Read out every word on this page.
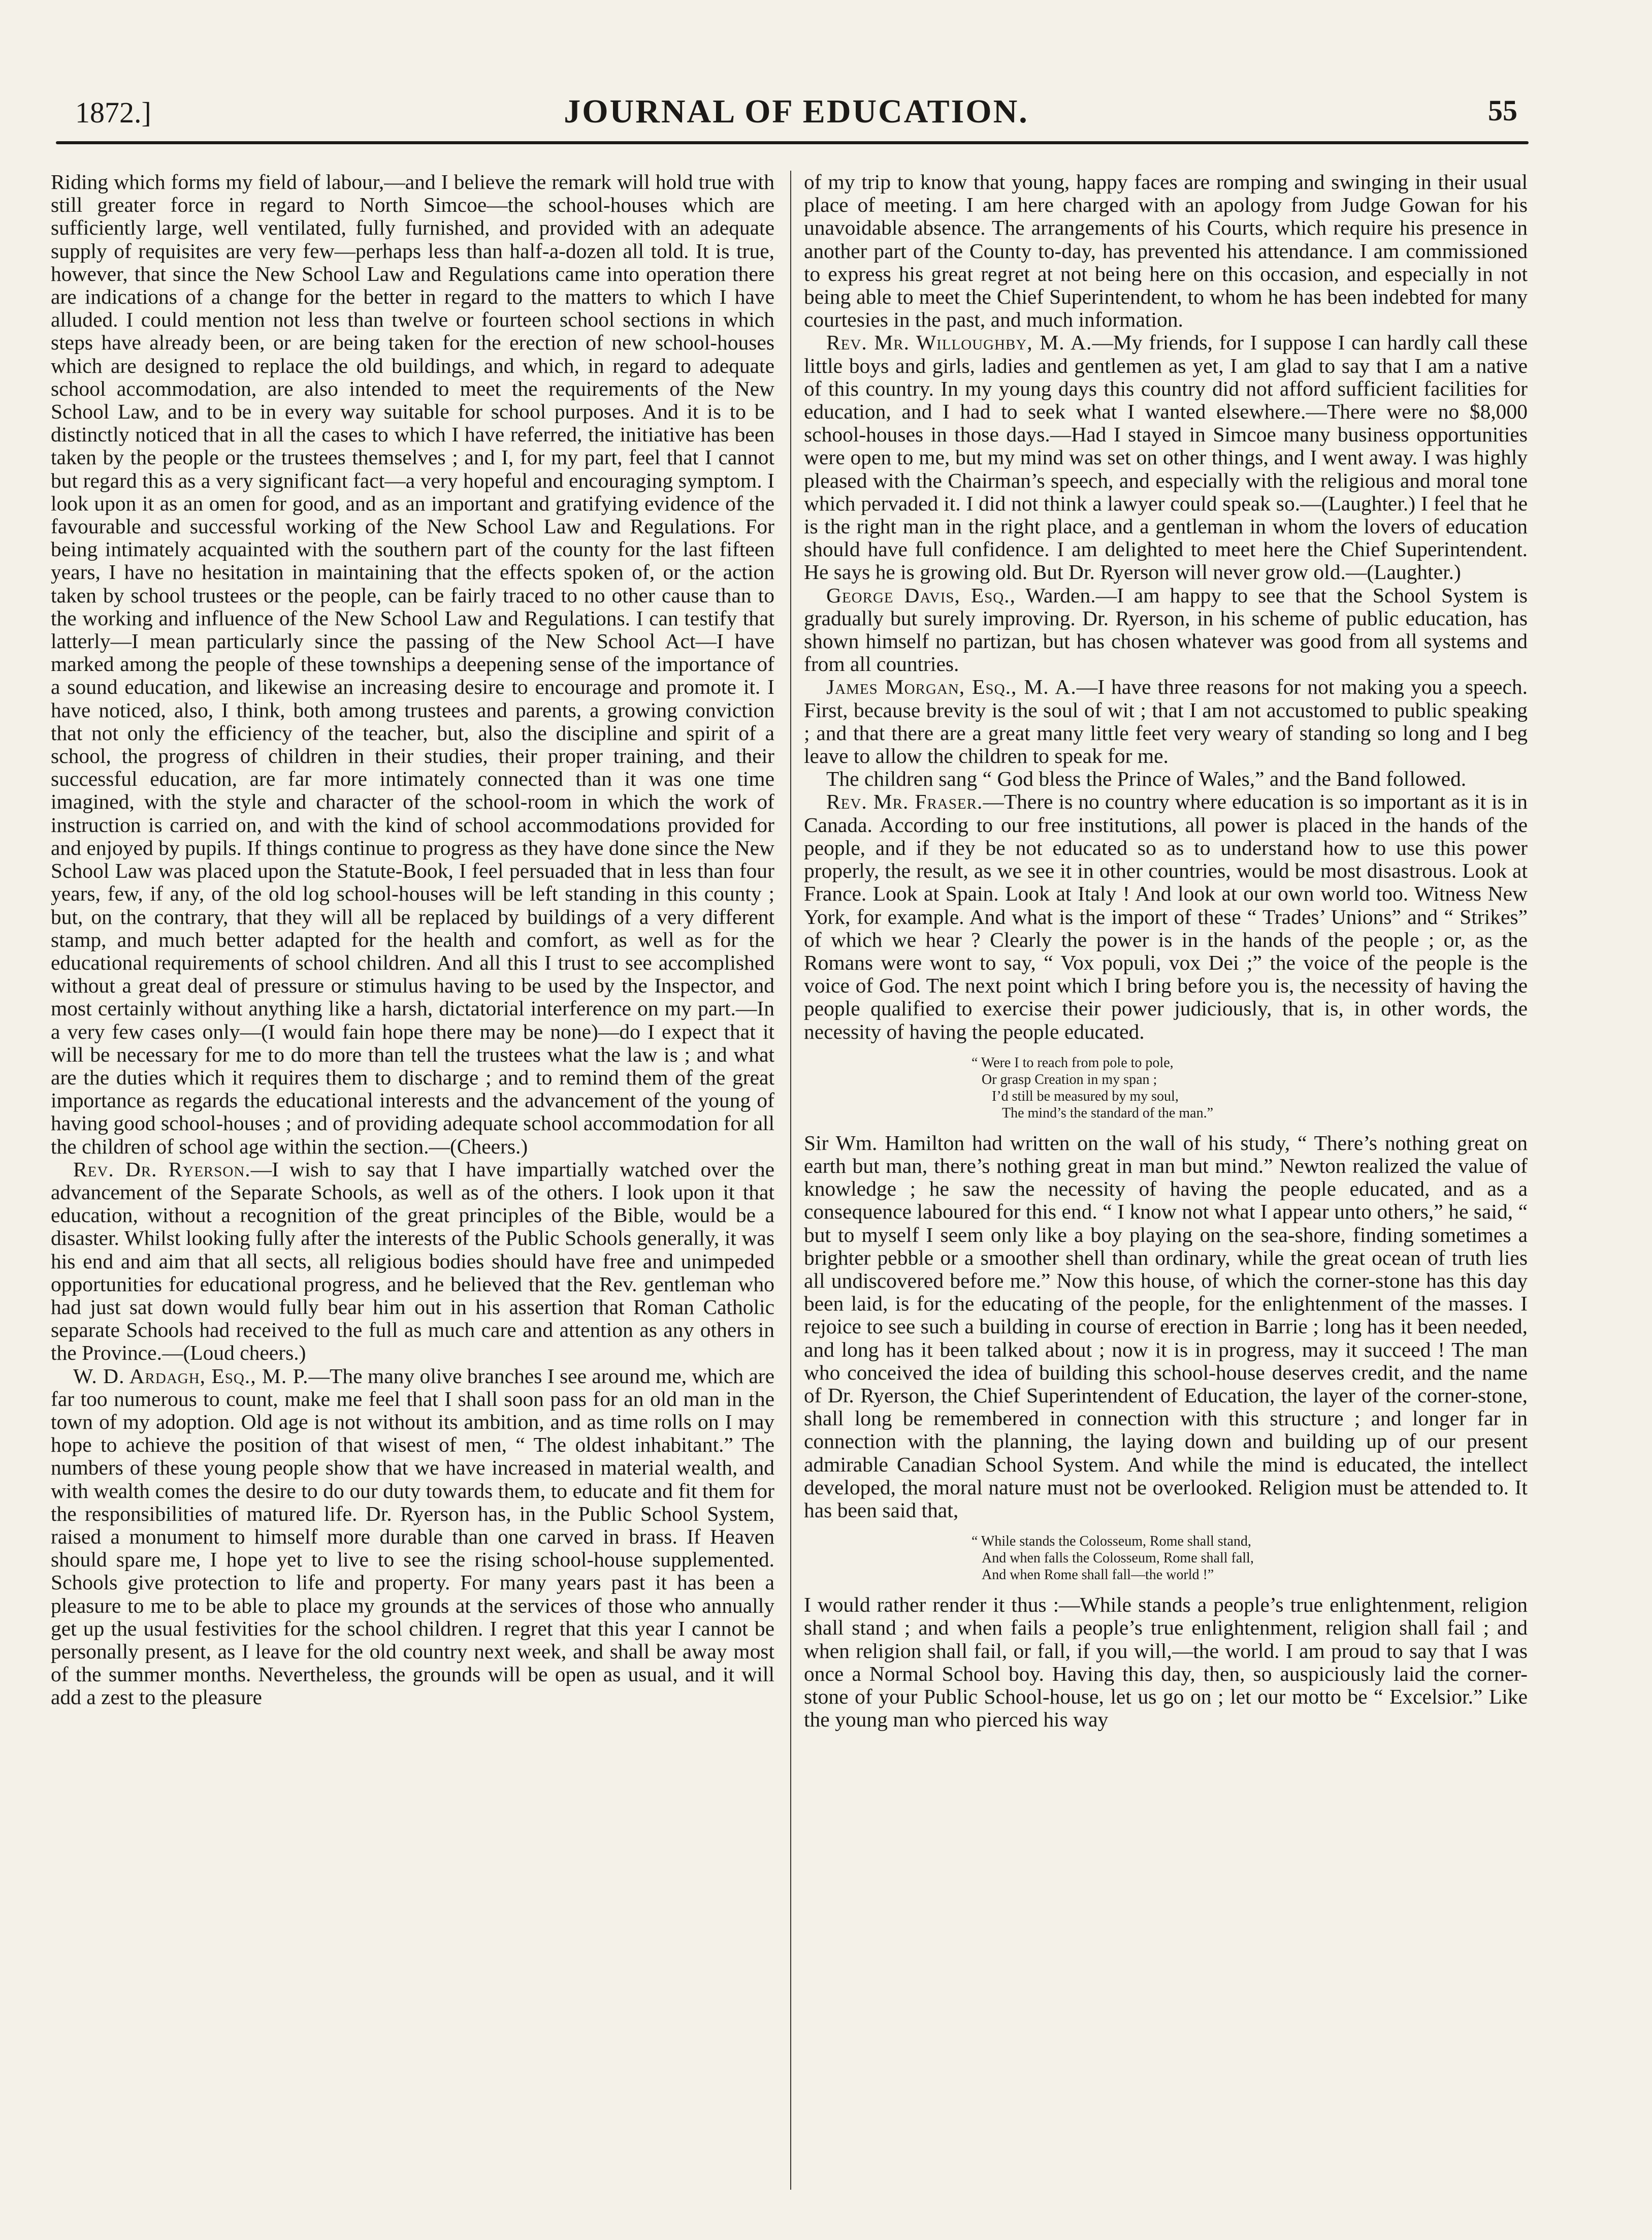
1872.]	JOURNAL OF EDUCATION.	55

Riding which forms my field of labour,—and I believe the remark will hold true with still greater force in regard to North Simcoe—the school-houses which are sufficiently large, well ventilated, fully furnished, and provided with an adequate supply of requisites are very few—perhaps less than half-a-dozen all told. It is true, however, that since the New School Law and Regulations came into operation there are indications of a change for the better in regard to the matters to which I have alluded. I could mention not less than twelve or fourteen school sections in which steps have already been, or are being taken for the erection of new school-houses which are designed to replace the old buildings, and which, in regard to adequate school accommodation, are also intended to meet the requirements of the New School Law, and to be in every way suitable for school purposes. And it is to be distinctly noticed that in all the cases to which I have referred, the initiative has been taken by the people or the trustees themselves ; and I, for my part, feel that I cannot but regard this as a very significant fact—a very hopeful and encouraging symptom. I look upon it as an omen for good, and as an important and gratifying evidence of the favourable and successful working of the New School Law and Regulations. For being intimately acquainted with the southern part of the county for the last fifteen years, I have no hesitation in maintaining that the effects spoken of, or the action taken by school trustees or the people, can be fairly traced to no other cause than to the working and influence of the New School Law and Regulations. I can testify that latterly—I mean particularly since the passing of the New School Act—I have marked among the people of these townships a deepening sense of the importance of a sound education, and likewise an increasing desire to encourage and promote it. I have noticed, also, I think, both among trustees and parents, a growing conviction that not only the efficiency of the teacher, but, also the discipline and spirit of a school, the progress of children in their studies, their proper training, and their successful education, are far more intimately connected than it was one time imagined, with the style and character of the school-room in which the work of instruction is carried on, and with the kind of school accommodations provided for and enjoyed by pupils. If things continue to progress as they have done since the New School Law was placed upon the Statute-Book, I feel persuaded that in less than four years, few, if any, of the old log school-houses will be left standing in this county ; but, on the contrary, that they will all be replaced by buildings of a very different stamp, and much better adapted for the health and comfort, as well as for the educational requirements of school children. And all this I trust to see accomplished without a great deal of pressure or stimulus having to be used by the Inspector, and most certainly without anything like a harsh, dictatorial interference on my part.—In a very few cases only—(I would fain hope there may be none)—do I expect that it will be necessary for me to do more than tell the trustees what the law is ; and what are the duties which it requires them to discharge ; and to remind them of the great importance as regards the educational interests and the advancement of the young of having good school-houses ; and of providing adequate school accommodation for all the children of school age within the section.—(Cheers.)

Rev. Dr. Ryerson.—I wish to say that I have impartially watched over the advancement of the Separate Schools, as well as of the others. I look upon it that education, without a recognition of the great principles of the Bible, would be a disaster. Whilst looking fully after the interests of the Public Schools generally, it was his end and aim that all sects, all religious bodies should have free and unimpeded opportunities for educational progress, and he believed that the Rev. gentleman who had just sat down would fully bear him out in his assertion that Roman Catholic separate Schools had received to the full as much care and attention as any others in the Province.—(Loud cheers.)

W. D. Ardagh, Esq., M. P.—The many olive branches I see around me, which are far too numerous to count, make me feel that I shall soon pass for an old man in the town of my adoption. Old age is not without its ambition, and as time rolls on I may hope to achieve the position of that wisest of men, “ The oldest inhabitant.” The numbers of these young people show that we have increased in material wealth, and with wealth comes the desire to do our duty towards them, to educate and fit them for the responsibilities of matured life. Dr. Ryerson has, in the Public School System, raised a monument to himself more durable than one carved in brass. If Heaven should spare me, I hope yet to live to see the rising school-house supplemented. Schools give protection to life and property. For many years past it has been a pleasure to me to be able to place my grounds at the services of those who annually get up the usual festivities for the school children. I regret that this year I cannot be personally present, as I leave for the old country next week, and shall be away most of the summer months. Nevertheless, the grounds will be open as usual, and it will add a zest to the pleasure

of my trip to know that young, happy faces are romping and swinging in their usual place of meeting. I am here charged with an apology from Judge Gowan for his unavoidable absence. The arrangements of his Courts, which require his presence in another part of the County to-day, has prevented his attendance. I am commissioned to express his great regret at not being here on this occasion, and especially in not being able to meet the Chief Superintendent, to whom he has been indebted for many courtesies in the past, and much information.

Rev. Mr. Willoughby, M. A.—My friends, for I suppose I can hardly call these little boys and girls, ladies and gentlemen as yet, I am glad to say that I am a native of this country. In my young days this country did not afford sufficient facilities for education, and I had to seek what I wanted elsewhere.—There were no $8,000 school-houses in those days.—Had I stayed in Simcoe many business opportunities were open to me, but my mind was set on other things, and I went away. I was highly pleased with the Chairman’s speech, and especially with the religious and moral tone which pervaded it. I did not think a lawyer could speak so.—(Laughter.) I feel that he is the right man in the right place, and a gentleman in whom the lovers of education should have full confidence. I am delighted to meet here the Chief Superintendent. He says he is growing old. But Dr. Ryerson will never grow old.—(Laughter.)

George Davis, Esq., Warden.—I am happy to see that the School System is gradually but surely improving. Dr. Ryerson, in his scheme of public education, has shown himself no partizan, but has chosen whatever was good from all systems and from all countries.

James Morgan, Esq., M. A.—I have three reasons for not making you a speech. First, because brevity is the soul of wit ; that I am not accustomed to public speaking ; and that there are a great many little feet very weary of standing so long and I beg leave to allow the children to speak for me.

The children sang “ God bless the Prince of Wales,” and the Band followed.

Rev. Mr. Fraser.—There is no country where education is so important as it is in Canada. According to our free institutions, all power is placed in the hands of the people, and if they be not educated so as to understand how to use this power properly, the result, as we see it in other countries, would be most disastrous. Look at France. Look at Spain. Look at Italy ! And look at our own world too. Witness New York, for example. And what is the import of these “ Trades’ Unions” and “ Strikes” of which we hear ? Clearly the power is in the hands of the people ; or, as the Romans were wont to say, “ Vox populi, vox Dei ;” the voice of the people is the voice of God. The next point which I bring before you is, the necessity of having the people qualified to exercise their power judiciously, that is, in other words, the necessity of having the people educated.

“ Were I to reach from pole to pole,
Or grasp Creation in my span ;
I’d still be measured by my soul,
The mind’s the standard of the man.”

Sir Wm. Hamilton had written on the wall of his study, “ There’s nothing great on earth but man, there’s nothing great in man but mind.” Newton realized the value of knowledge ; he saw the necessity of having the people educated, and as a consequence laboured for this end. “ I know not what I appear unto others,” he said, “ but to myself I seem only like a boy playing on the sea-shore, finding sometimes a brighter pebble or a smoother shell than ordinary, while the great ocean of truth lies all undiscovered before me.” Now this house, of which the corner-stone has this day been laid, is for the educating of the people, for the enlightenment of the masses. I rejoice to see such a building in course of erection in Barrie ; long has it been needed, and long has it been talked about ; now it is in progress, may it succeed ! The man who conceived the idea of building this school-house deserves credit, and the name of Dr. Ryerson, the Chief Superintendent of Education, the layer of the corner-stone, shall long be remembered in connection with this structure ; and longer far in connection with the planning, the laying down and building up of our present admirable Canadian School System. And while the mind is educated, the intellect developed, the moral nature must not be overlooked. Religion must be attended to. It has been said that,

“ While stands the Colosseum, Rome shall stand,
And when falls the Colosseum, Rome shall fall,
And when Rome shall fall—the world !”

I would rather render it thus :—While stands a people’s true enlightenment, religion shall stand ; and when fails a people’s true enlightenment, religion shall fail ; and when religion shall fail, or fall, if you will,—the world. I am proud to say that I was once a Normal School boy. Having this day, then, so auspiciously laid the corner-stone of your Public School-house, let us go on ; let our motto be “ Excelsior.” Like the young man who pierced his way
